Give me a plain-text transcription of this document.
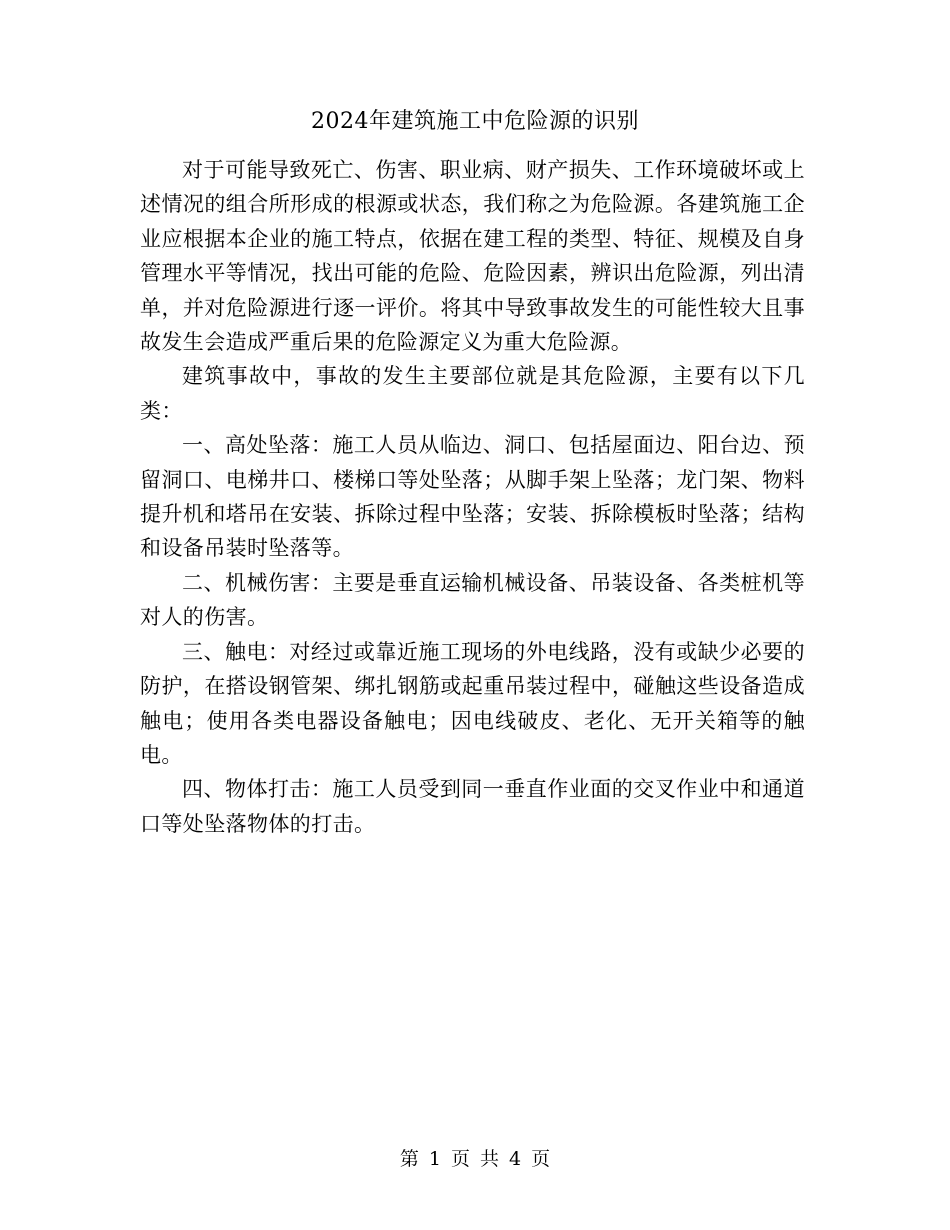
2024年建筑施工中危险源的识别

对于可能导致死亡、伤害、职业病、财产损失、工作环境破坏或上述情况的组合所形成的根源或状态，我们称之为危险源。各建筑施工企业应根据本企业的施工特点，依据在建工程的类型、特征、规模及自身管理水平等情况，找出可能的危险、危险因素，辨识出危险源，列出清单，并对危险源进行逐一评价。将其中导致事故发生的可能性较大且事故发生会造成严重后果的危险源定义为重大危险源。

建筑事故中，事故的发生主要部位就是其危险源，主要有以下几类：

一、高处坠落：施工人员从临边、洞口、包括屋面边、阳台边、预留洞口、电梯井口、楼梯口等处坠落；从脚手架上坠落；龙门架、物料提升机和塔吊在安装、拆除过程中坠落；安装、拆除模板时坠落；结构和设备吊装时坠落等。

二、机械伤害：主要是垂直运输机械设备、吊装设备、各类桩机等对人的伤害。

三、触电：对经过或靠近施工现场的外电线路，没有或缺少必要的防护，在搭设钢管架、绑扎钢筋或起重吊装过程中，碰触这些设备造成触电；使用各类电器设备触电；因电线破皮、老化、无开关箱等的触电。

四、物体打击：施工人员受到同一垂直作业面的交叉作业中和通道口等处坠落物体的打击。

第 1 页 共 4 页
